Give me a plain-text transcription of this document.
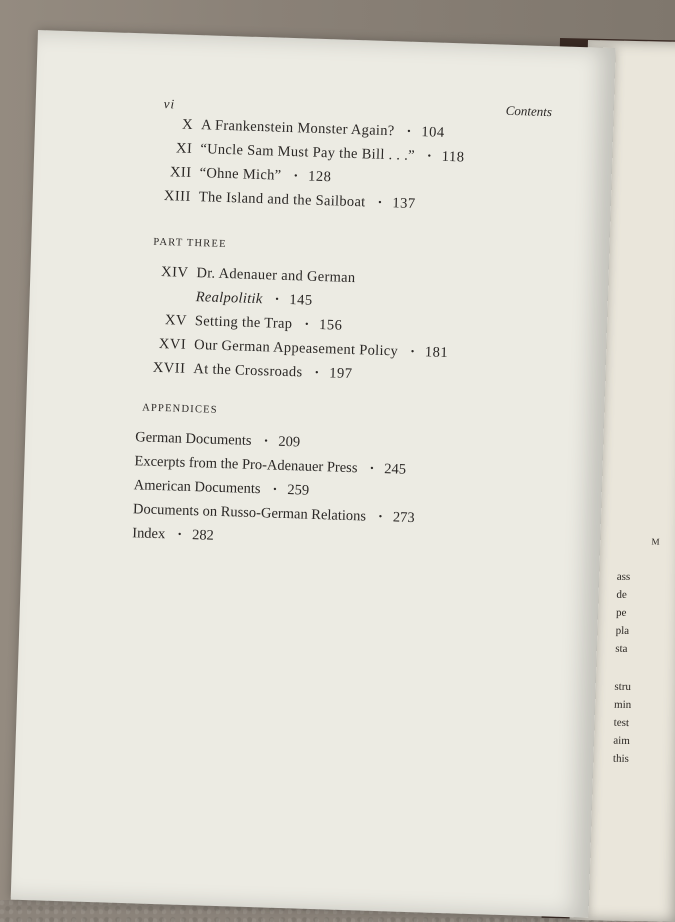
M
ass
de
pe
pla
sta
stru
min
test
aim
this
vi	Contents
X A Frankenstein Monster Again? · 104
XI “Uncle Sam Must Pay the Bill . . .” · 118
XII “Ohne Mich” · 128
XIII The Island and the Sailboat · 137
PART THREE
XIV Dr. Adenauer and German
Realpolitik · 145
XV Setting the Trap · 156
XVI Our German Appeasement Policy · 181
XVII At the Crossroads · 197
APPENDICES
German Documents · 209
Excerpts from the Pro-Adenauer Press · 245
American Documents · 259
Documents on Russo-German Relations · 273
Index · 282
